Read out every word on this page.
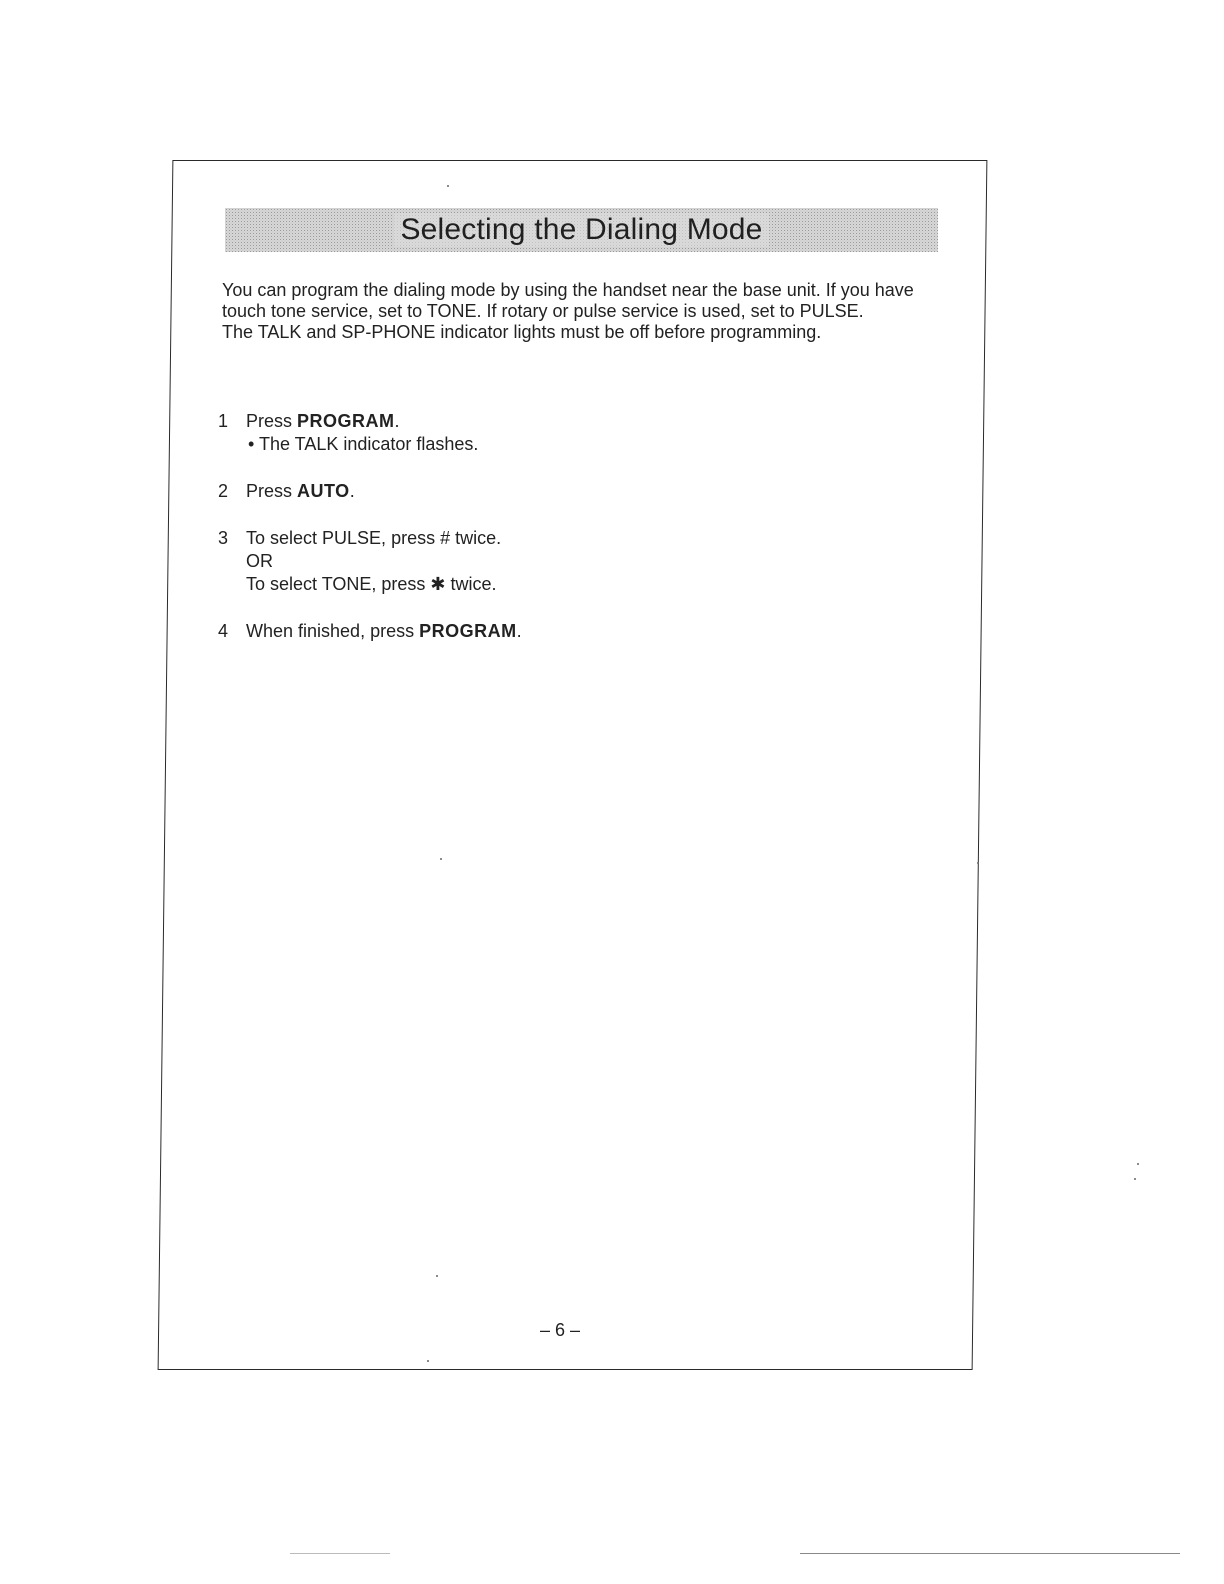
Selecting the Dialing Mode

You can program the dialing mode by using the handset near the base unit. If you have touch tone service, set to TONE. If rotary or pulse service is used, set to PULSE.

The TALK and SP-PHONE indicator lights must be off before programming.

1 Press PROGRAM.
• The TALK indicator flashes.
2 Press AUTO.
3 To select PULSE, press # twice.
OR
To select TONE, press ✱ twice.
4 When finished, press PROGRAM.
– 6 –
